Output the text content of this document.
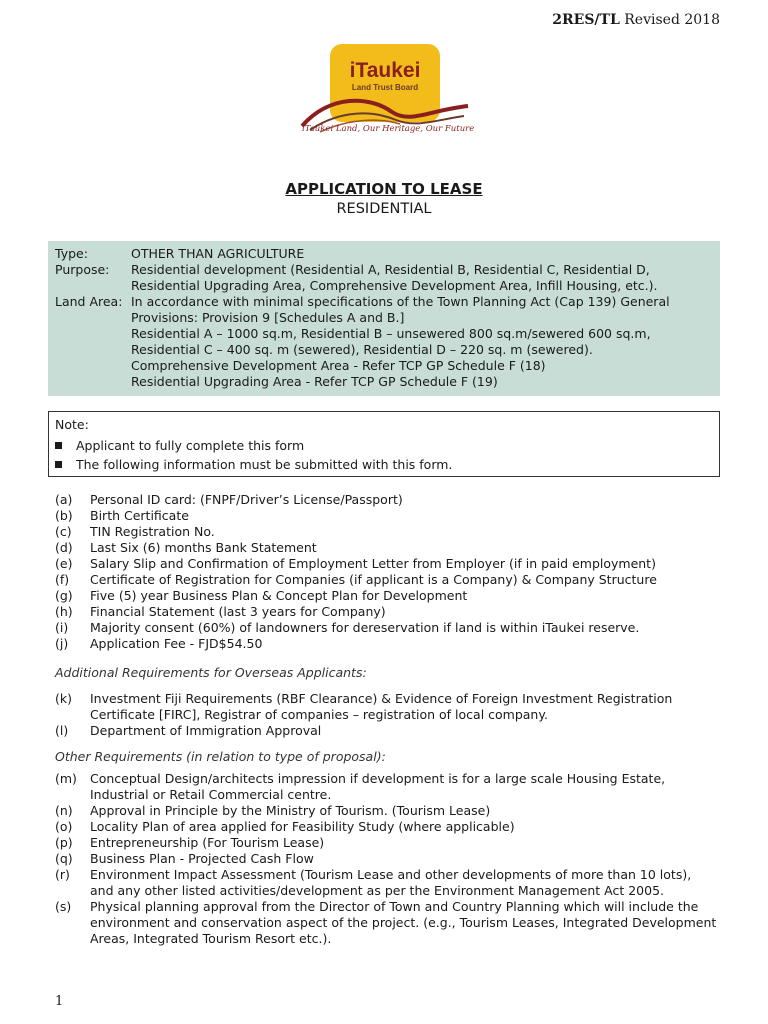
2RES/TL Revised 2018
iTaukei
Land Trust Board
iTaukei Land, Our Heritage, Our Future
APPLICATION TO LEASE
RESIDENTIAL
Type:	OTHER THAN AGRICULTURE
Purpose: Residential development (Residential A, Residential B, Residential C, Residential D,
Residential Upgrading Area, Comprehensive Development Area, Infill Housing, etc.).
Land Area: In accordance with minimal specifications of the Town Planning Act (Cap 139) General
Provisions: Provision 9 [Schedules A and B.]
Residential A – 1000 sq.m, Residential B – unsewered 800 sq.m/sewered 600 sq.m,
Residential C – 400 sq. m (sewered), Residential D – 220 sq. m (sewered).
Comprehensive Development Area - Refer TCP GP Schedule F (18)
Residential Upgrading Area - Refer TCP GP Schedule F (19)
Note:
Applicant to fully complete this form
The following information must be submitted with this form.
(a) Personal ID card: (FNPF/Driver’s License/Passport)
(b) Birth Certificate
(c) TIN Registration No.
(d) Last Six (6) months Bank Statement
(e) Salary Slip and Confirmation of Employment Letter from Employer (if in paid employment)
(f) Certificate of Registration for Companies (if applicant is a Company) & Company Structure
(g) Five (5) year Business Plan & Concept Plan for Development
(h) Financial Statement (last 3 years for Company)
(i) Majority consent (60%) of landowners for dereservation if land is within iTaukei reserve.
(j) Application Fee - FJD$54.50
Additional Requirements for Overseas Applicants:
(k) Investment Fiji Requirements (RBF Clearance) & Evidence of Foreign Investment Registration
Certificate [FIRC], Registrar of companies – registration of local company.
(l) Department of Immigration Approval
Other Requirements (in relation to type of proposal):
(m) Conceptual Design/architects impression if development is for a large scale Housing Estate,
Industrial or Retail Commercial centre.
(n) Approval in Principle by the Ministry of Tourism. (Tourism Lease)
(o) Locality Plan of area applied for Feasibility Study (where applicable)
(p) Entrepreneurship (For Tourism Lease)
(q) Business Plan - Projected Cash Flow
(r) Environment Impact Assessment (Tourism Lease and other developments of more than 10 lots),
and any other listed activities/development as per the Environment Management Act 2005.
(s) Physical planning approval from the Director of Town and Country Planning which will include the
environment and conservation aspect of the project. (e.g., Tourism Leases, Integrated Development
Areas, Integrated Tourism Resort etc.).
1
